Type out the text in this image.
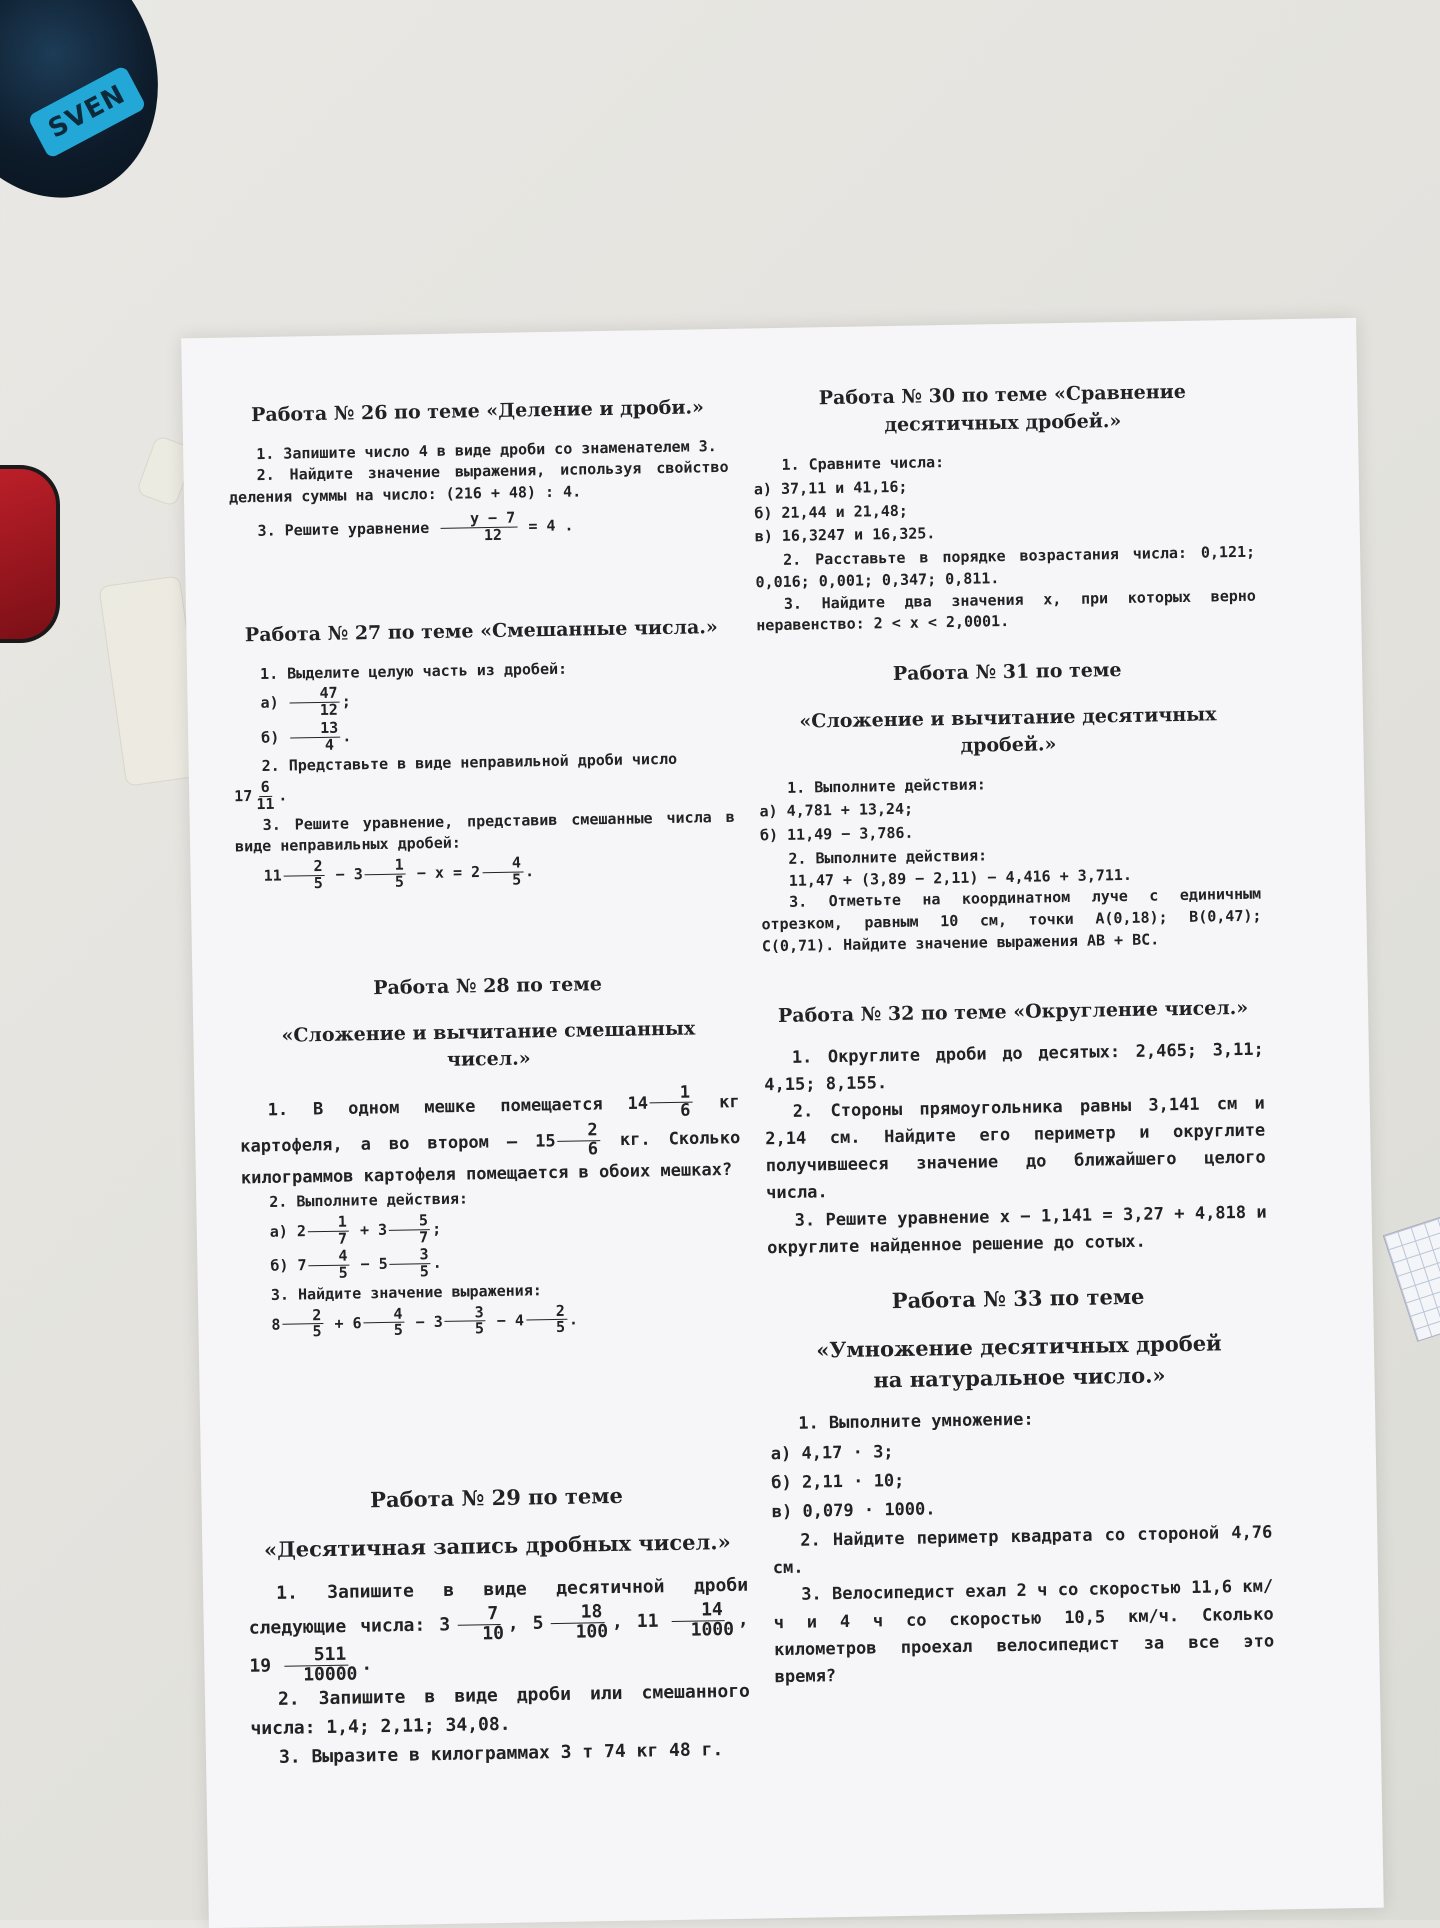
SVEN
Работа № 26 по теме «Деление и дроби.»

1. Запишите число 4 в виде дроби со знаменателем 3.

2. Найдите значение выражения, используя свойство деления суммы на число: (216 + 48) : 4.

3. Решите уравнение $\frac{y - 7}{12} = 4$ .

Работа № 27 по теме «Смешанные числа.»

1. Выделите целую часть из дробей:

$а) \frac{47}{12}$ ;

$б) \frac{13}{4}$ .

2. Представьте в виде неправильной дроби число

$17 \frac{6}{11}$ .

3. Решите уравнение, представив смешанные числа в виде неправильных дробей:

$11 \frac{2}{5} - 3 \frac{1}{5} - x = 2 \frac{4}{5}$ .

Работа № 28 по теме
«Сложение и вычитание смешанных чисел.»

1. В одном мешке помещается $14 \frac{1}{6}$ кг картофеля, а во втором — $15 \frac{2}{6}$ кг. Сколько килограммов картофеля помещается в обоих мешках?

2. Выполните действия:

а) $2 \frac{1}{7} + 3 \frac{5}{7}$ ;

б) $7 \frac{4}{5} - 5 \frac{3}{5}$ .

3. Найдите значение выражения:

$8 \frac{2}{5} + 6 \frac{4}{5} - 3 \frac{3}{5} - 4 \frac{2}{5}$ .

Работа № 29 по теме
«Десятичная запись дробных чисел.»

1. Запишите в виде десятичной дроби следующие числа: $3 \frac{7}{10}$ , $5 \frac{18}{100}$ , $11 \frac{14}{1000}$ , $19 \frac{511}{10000}$ .

2. Запишите в виде дроби или смешанного числа: 1,4; 2,11; 34,08.

3. Выразите в килограммах 3 т 74 кг 48 г.

Работа № 30 по теме «Сравнение десятичных дробей.»

1. Сравните числа:

а) 37,11 и 41,16;

б) 21,44 и 21,48;

в) 16,3247 и 16,325.

2. Расставьте в порядке возрастания числа: 0,121; 0,016; 0,001; 0,347; 0,811.

3. Найдите два значения x, при которых верно неравенство: 2 < x < 2,0001.

Работа № 31 по теме
«Сложение и вычитание десятичных дробей.»

1. Выполните действия:

а) 4,781 + 13,24;

б) 11,49 − 3,786.

2. Выполните действия:

11,47 + (3,89 − 2,11) − 4,416 + 3,711.

3. Отметьте на координатном луче с единичным отрезком, равным 10 см, точки A(0,18); B(0,47); C(0,71). Найдите значение выражения AB + BC.

Работа № 32 по теме «Округление чисел.»

1. Округлите дроби до десятых: 2,465; 3,11; 4,15; 8,155.

2. Стороны прямоугольника равны 3,141 см и 2,14 см. Найдите его периметр и округлите получившееся значение до ближайшего целого числа.

3. Решите уравнение x − 1,141 = 3,27 + 4,818 и округлите найденное решение до сотых.

Работа № 33 по теме
«Умножение десятичных дробей на натуральное число.»

1. Выполните умножение:

а) 4,17 · 3;

б) 2,11 · 10;

в) 0,079 · 1000.

2. Найдите периметр квадрата со стороной 4,76 см.

3. Велосипедист ехал 2 ч со скоростью 11,6 км/ч и 4 ч со скоростью 10,5 км/ч. Сколько километров проехал велосипедист за все это время?
